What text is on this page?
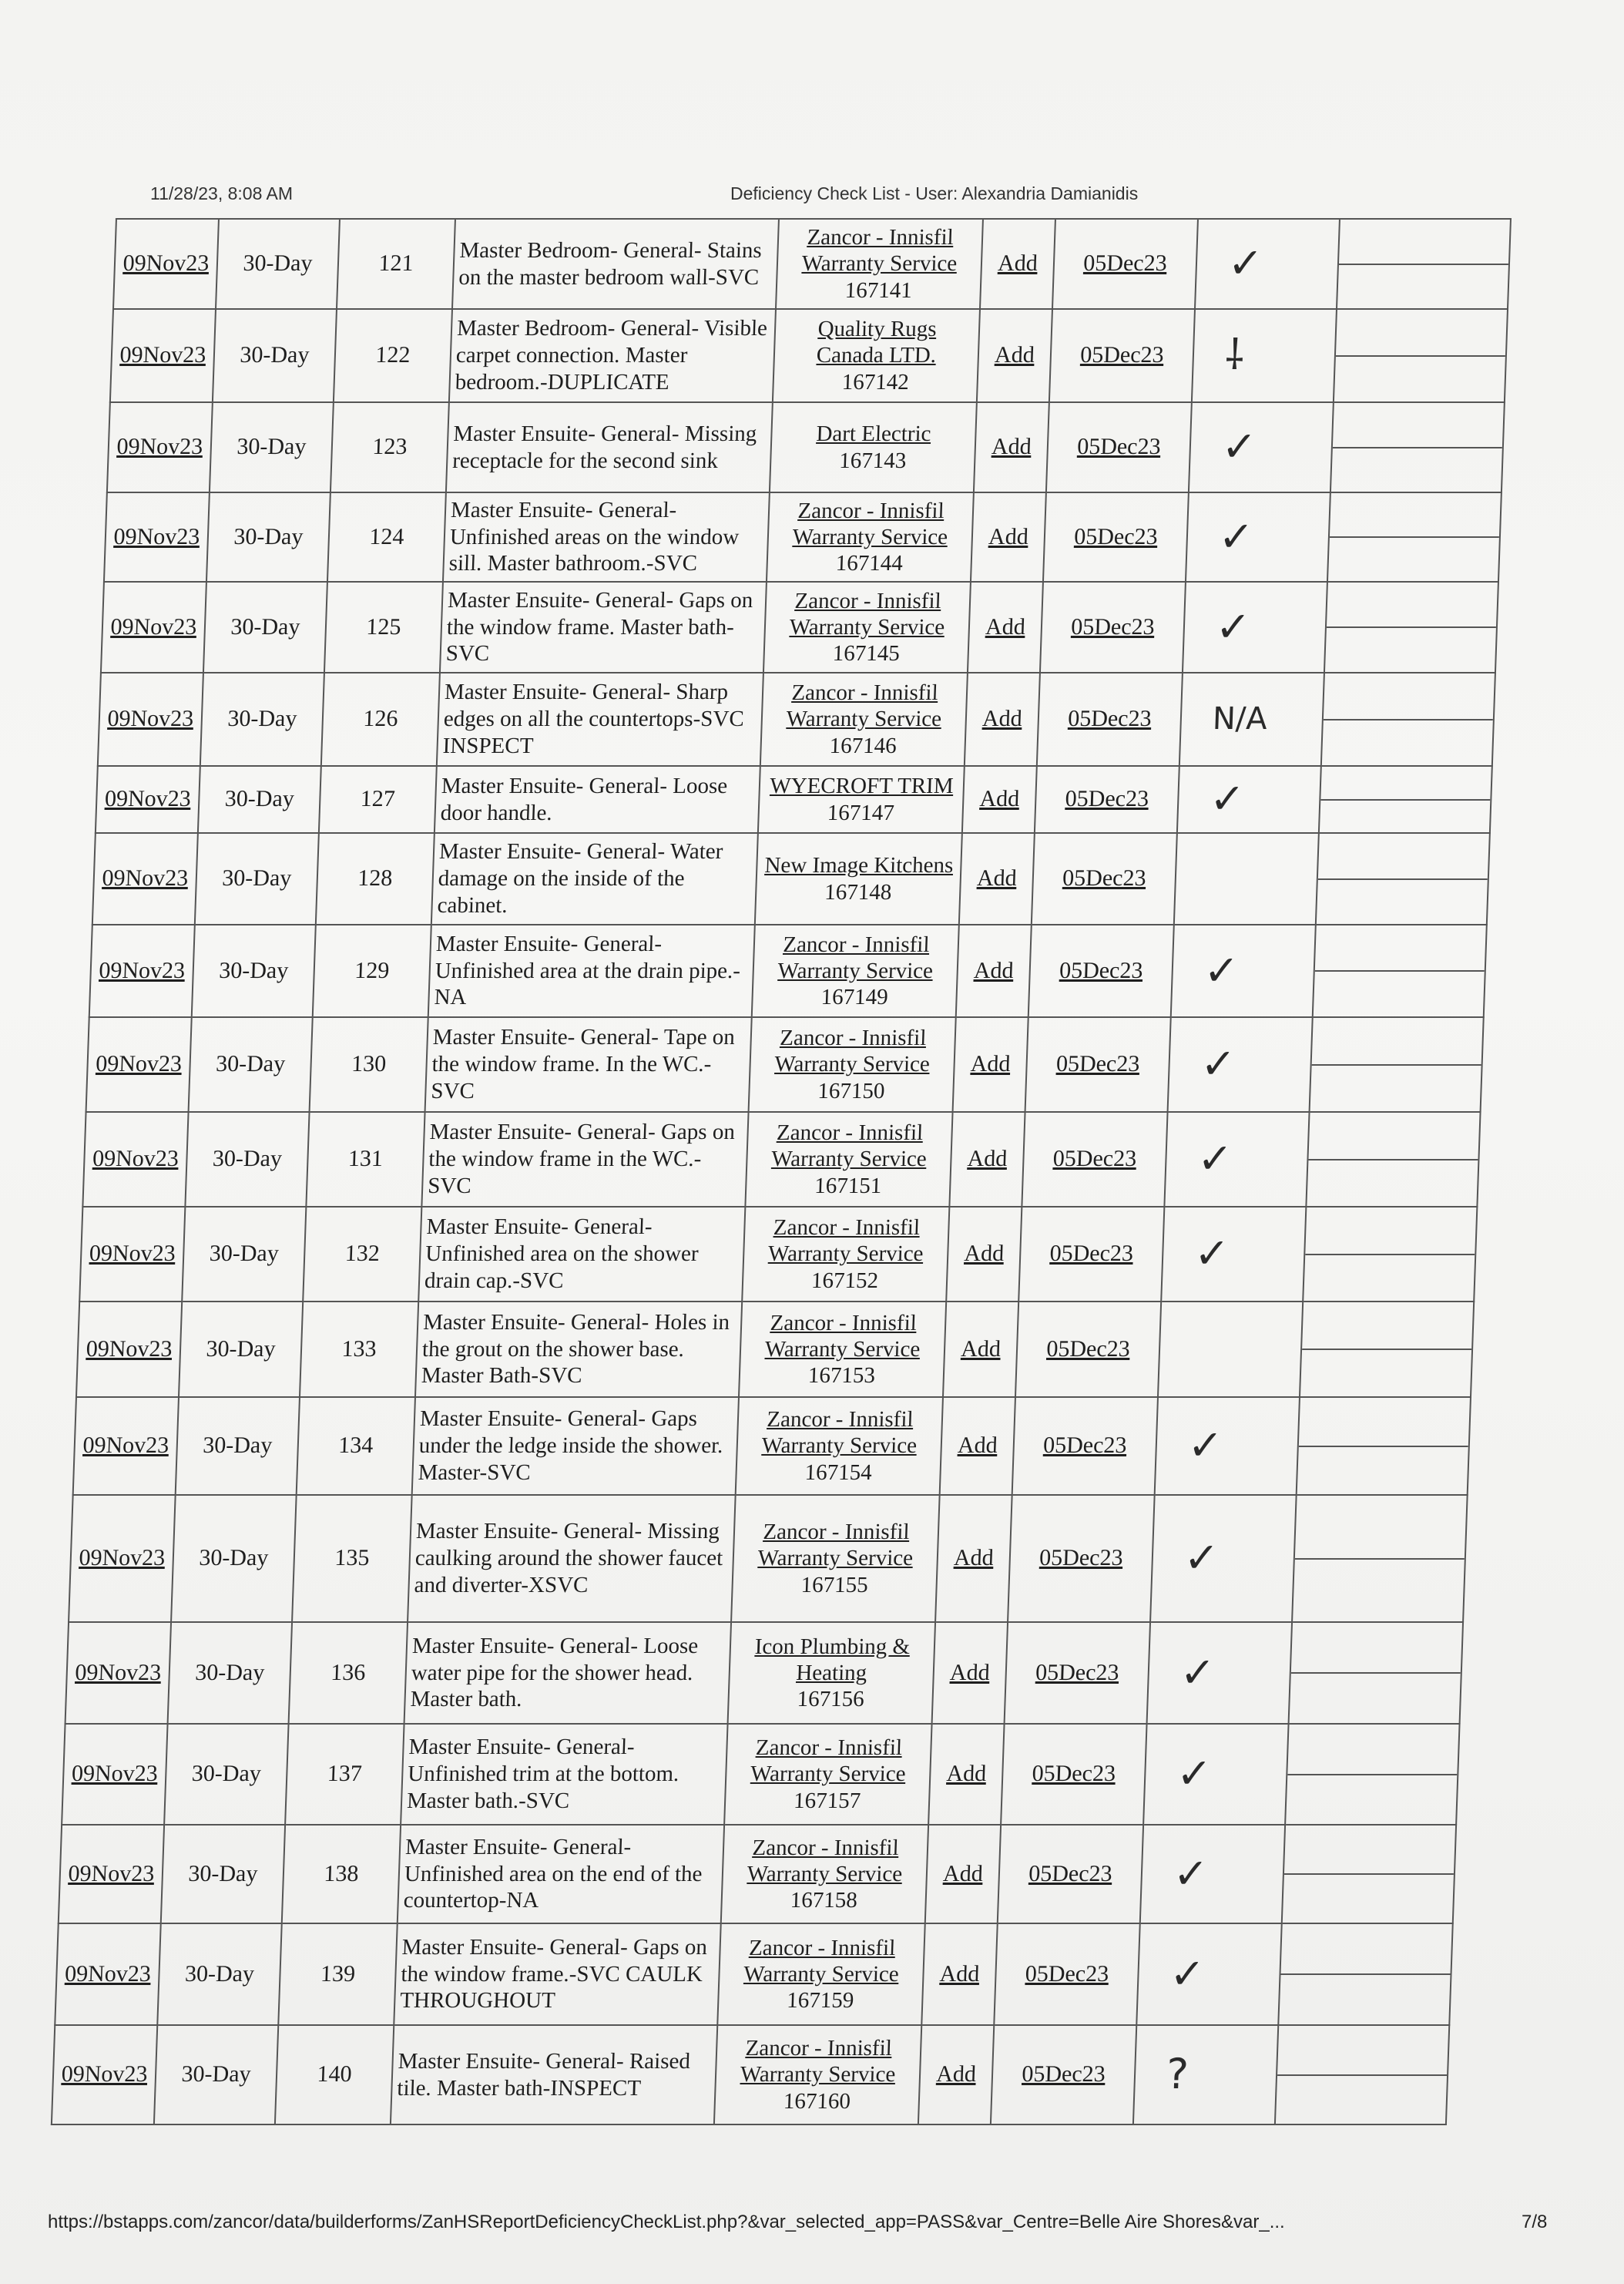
11/28/23, 8:08 AM	Deficiency Check List - User: Alexandria Damianidis
09Nov23	30-Day	121	Master Bedroom- General- Stains on the master bedroom wall-SVC	Zancor - Innisfil
Warranty Service
167141	Add	05Dec23	✓	

09Nov23	30-Day	122	Master Bedroom- General- Visible carpet connection. Master bedroom.-DUPLICATE	Quality Rugs
Canada LTD.
167142	Add	05Dec23	⸸	

09Nov23	30-Day	123	Master Ensuite- General- Missing receptacle for the second sink	Dart Electric
167143	Add	05Dec23	✓	

09Nov23	30-Day	124	Master Ensuite- General- Unfinished areas on the window sill. Master bathroom.-SVC	Zancor - Innisfil
Warranty Service
167144	Add	05Dec23	✓	

09Nov23	30-Day	125	Master Ensuite- General- Gaps on the window frame. Master bath-SVC	Zancor - Innisfil
Warranty Service
167145	Add	05Dec23	✓	

09Nov23	30-Day	126	Master Ensuite- General- Sharp edges on all the countertops-SVC INSPECT	Zancor - Innisfil
Warranty Service
167146	Add	05Dec23	N/A	

09Nov23	30-Day	127	Master Ensuite- General- Loose door handle.	WYECROFT TRIM
167147	Add	05Dec23	✓	

09Nov23	30-Day	128	Master Ensuite- General- Water damage on the inside of the cabinet.	New Image Kitchens
167148	Add	05Dec23		

09Nov23	30-Day	129	Master Ensuite- General- Unfinished area at the drain pipe.-NA	Zancor - Innisfil
Warranty Service
167149	Add	05Dec23	✓	

09Nov23	30-Day	130	Master Ensuite- General- Tape on the window frame. In the WC.-SVC	Zancor - Innisfil
Warranty Service
167150	Add	05Dec23	✓	

09Nov23	30-Day	131	Master Ensuite- General- Gaps on the window frame in the WC.-SVC	Zancor - Innisfil
Warranty Service
167151	Add	05Dec23	✓	

09Nov23	30-Day	132	Master Ensuite- General- Unfinished area on the shower drain cap.-SVC	Zancor - Innisfil
Warranty Service
167152	Add	05Dec23	✓	

09Nov23	30-Day	133	Master Ensuite- General- Holes in the grout on the shower base. Master Bath-SVC	Zancor - Innisfil
Warranty Service
167153	Add	05Dec23		

09Nov23	30-Day	134	Master Ensuite- General- Gaps under the ledge inside the shower. Master-SVC	Zancor - Innisfil
Warranty Service
167154	Add	05Dec23	✓	

09Nov23	30-Day	135	Master Ensuite- General- Missing caulking around the shower faucet and diverter-XSVC	Zancor - Innisfil
Warranty Service
167155	Add	05Dec23	✓	

09Nov23	30-Day	136	Master Ensuite- General- Loose water pipe for the shower head. Master bath.	Icon Plumbing &
Heating
167156	Add	05Dec23	✓	

09Nov23	30-Day	137	Master Ensuite- General- Unfinished trim at the bottom. Master bath.-SVC	Zancor - Innisfil
Warranty Service
167157	Add	05Dec23	✓	

09Nov23	30-Day	138	Master Ensuite- General- Unfinished area on the end of the countertop-NA	Zancor - Innisfil
Warranty Service
167158	Add	05Dec23	✓	

09Nov23	30-Day	139	Master Ensuite- General- Gaps on the window frame.-SVC CAULK THROUGHOUT	Zancor - Innisfil
Warranty Service
167159	Add	05Dec23	✓	

09Nov23	30-Day	140	Master Ensuite- General- Raised tile. Master bath-INSPECT	Zancor - Innisfil
Warranty Service
167160	Add	05Dec23	?	
https://bstapps.com/zancor/data/builderforms/ZanHSReportDeficiencyCheckList.php?&var_selected_app=PASS&var_Centre=Belle Aire Shores&var_...	7/8
